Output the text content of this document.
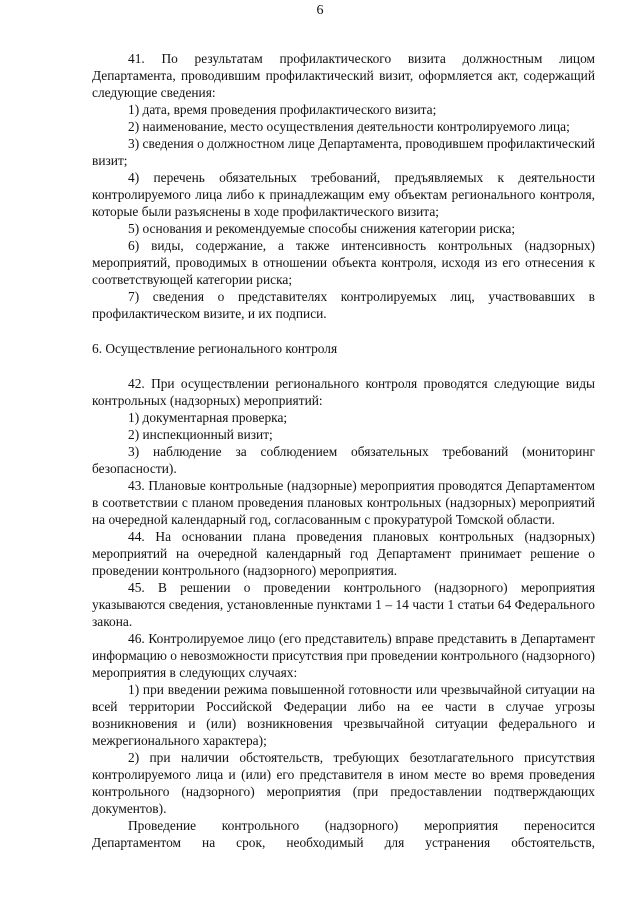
6

41. По результатам профилактического визита должностным лицом Департамента, проводившим профилактический визит, оформляется акт, содержащий следующие сведения:

1) дата, время проведения профилактического визита;

2) наименование, место осуществления деятельности контролируемого лица;

3) сведения о должностном лице Департамента, проводившем профилактический визит;

4) перечень обязательных требований, предъявляемых к деятельности контролируемого лица либо к принадлежащим ему объектам регионального контроля, которые были разъяснены в ходе профилактического визита;

5) основания и рекомендуемые способы снижения категории риска;

6) виды, содержание, а также интенсивность контрольных (надзорных) мероприятий, проводимых в отношении объекта контроля, исходя из его отнесения к соответствующей категории риска;

7) сведения о представителях контролируемых лиц, участвовавших в профилактическом визите, и их подписи.

6. Осуществление регионального контроля

42. При осуществлении регионального контроля проводятся следующие виды контрольных (надзорных) мероприятий:

1) документарная проверка;

2) инспекционный визит;

3) наблюдение за соблюдением обязательных требований (мониторинг безопасности).

43. Плановые контрольные (надзорные) мероприятия проводятся Департаментом в соответствии с планом проведения плановых контрольных (надзорных) мероприятий на очередной календарный год, согласованным с прокуратурой Томской области.

44. На основании плана проведения плановых контрольных (надзорных) мероприятий на очередной календарный год Департамент принимает решение о проведении контрольного (надзорного) мероприятия.

45. В решении о проведении контрольного (надзорного) мероприятия указываются сведения, установленные пунктами 1 – 14 части 1 статьи 64 Федерального закона.

46. Контролируемое лицо (его представитель) вправе представить в Департамент информацию о невозможности присутствия при проведении контрольного (надзорного) мероприятия в следующих случаях:

1) при введении режима повышенной готовности или чрезвычайной ситуации на всей территории Российской Федерации либо на ее части в случае угрозы возникновения и (или) возникновения чрезвычайной ситуации федерального и межрегионального характера);

2) при наличии обстоятельств, требующих безотлагательного присутствия контролируемого лица и (или) его представителя в ином месте во время проведения контрольного (надзорного) мероприятия (при предоставлении подтверждающих документов).

Проведение контрольного (надзорного) мероприятия переносится Департаментом на срок, необходимый для устранения обстоятельств,
